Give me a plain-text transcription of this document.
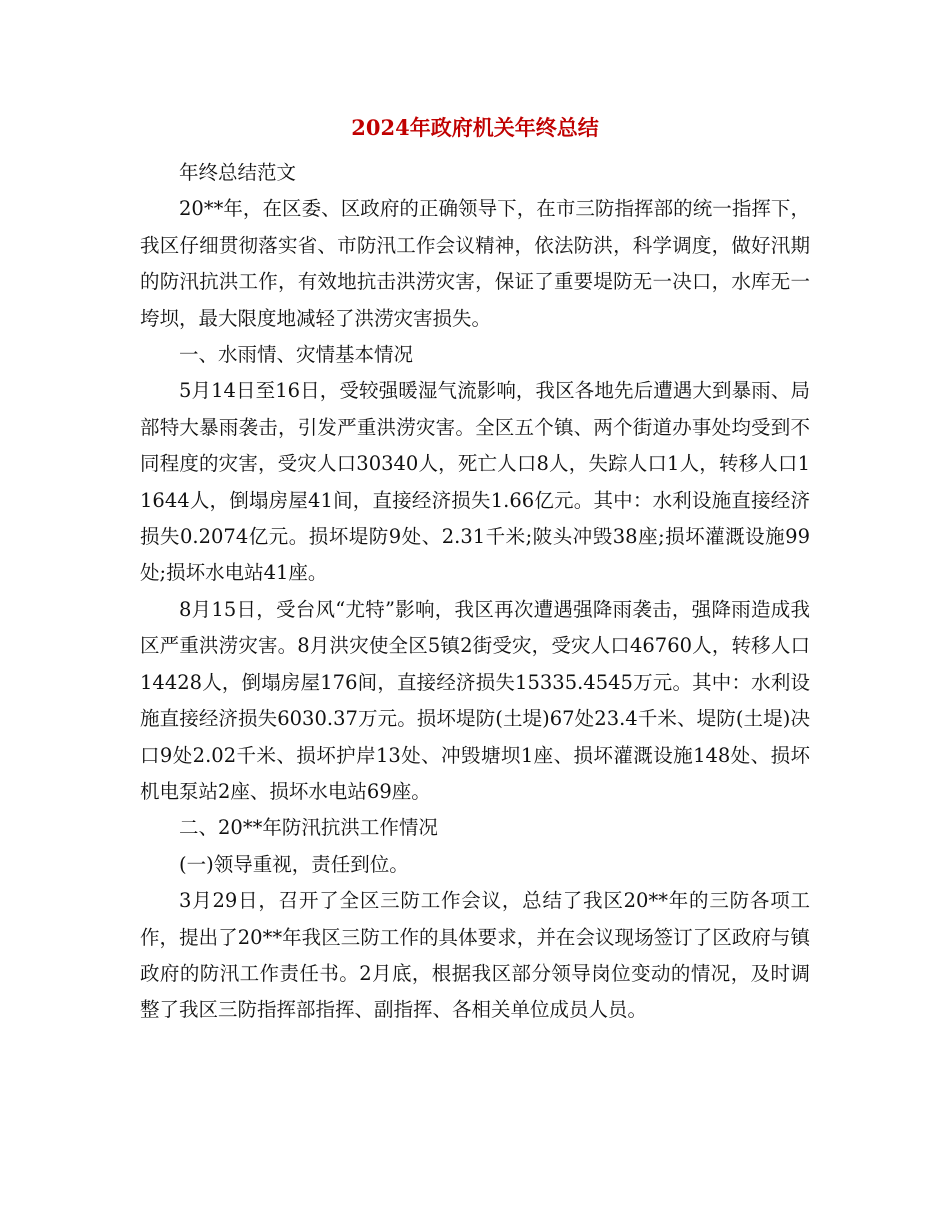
2024年政府机关年终总结

年终总结范文

20**年，在区委、区政府的正确领导下，在市三防指挥部的统一指挥下，我区仔细贯彻落实省、市防汛工作会议精神，依法防洪，科学调度，做好汛期的防汛抗洪工作，有效地抗击洪涝灾害，保证了重要堤防无一决口，水库无一垮坝，最大限度地减轻了洪涝灾害损失。

一、水雨情、灾情基本情况

5月14日至16日，受较强暖湿气流影响，我区各地先后遭遇大到暴雨、局部特大暴雨袭击，引发严重洪涝灾害。全区五个镇、两个街道办事处均受到不同程度的灾害，受灾人口30340人，死亡人口8人，失踪人口1人，转移人口11644人，倒塌房屋41间，直接经济损失1.66亿元。其中：水利设施直接经济损失0.2074亿元。损坏堤防9处、2.31千米;陂头冲毁38座;损坏灌溉设施99处;损坏水电站41座。

8月15日，受台风“尤特”影响，我区再次遭遇强降雨袭击，强降雨造成我区严重洪涝灾害。8月洪灾使全区5镇2街受灾，受灾人口46760人，转移人口14428人，倒塌房屋176间，直接经济损失15335.4545万元。其中：水利设施直接经济损失6030.37万元。损坏堤防(土堤)67处23.4千米、堤防(土堤)决口9处2.02千米、损坏护岸13处、冲毁塘坝1座、损坏灌溉设施148处、损坏机电泵站2座、损坏水电站69座。

二、20**年防汛抗洪工作情况

(一)领导重视，责任到位。

3月29日，召开了全区三防工作会议，总结了我区20**年的三防各项工作，提出了20**年我区三防工作的具体要求，并在会议现场签订了区政府与镇政府的防汛工作责任书。2月底，根据我区部分领导岗位变动的情况，及时调整了我区三防指挥部指挥、副指挥、各相关单位成员人员。
